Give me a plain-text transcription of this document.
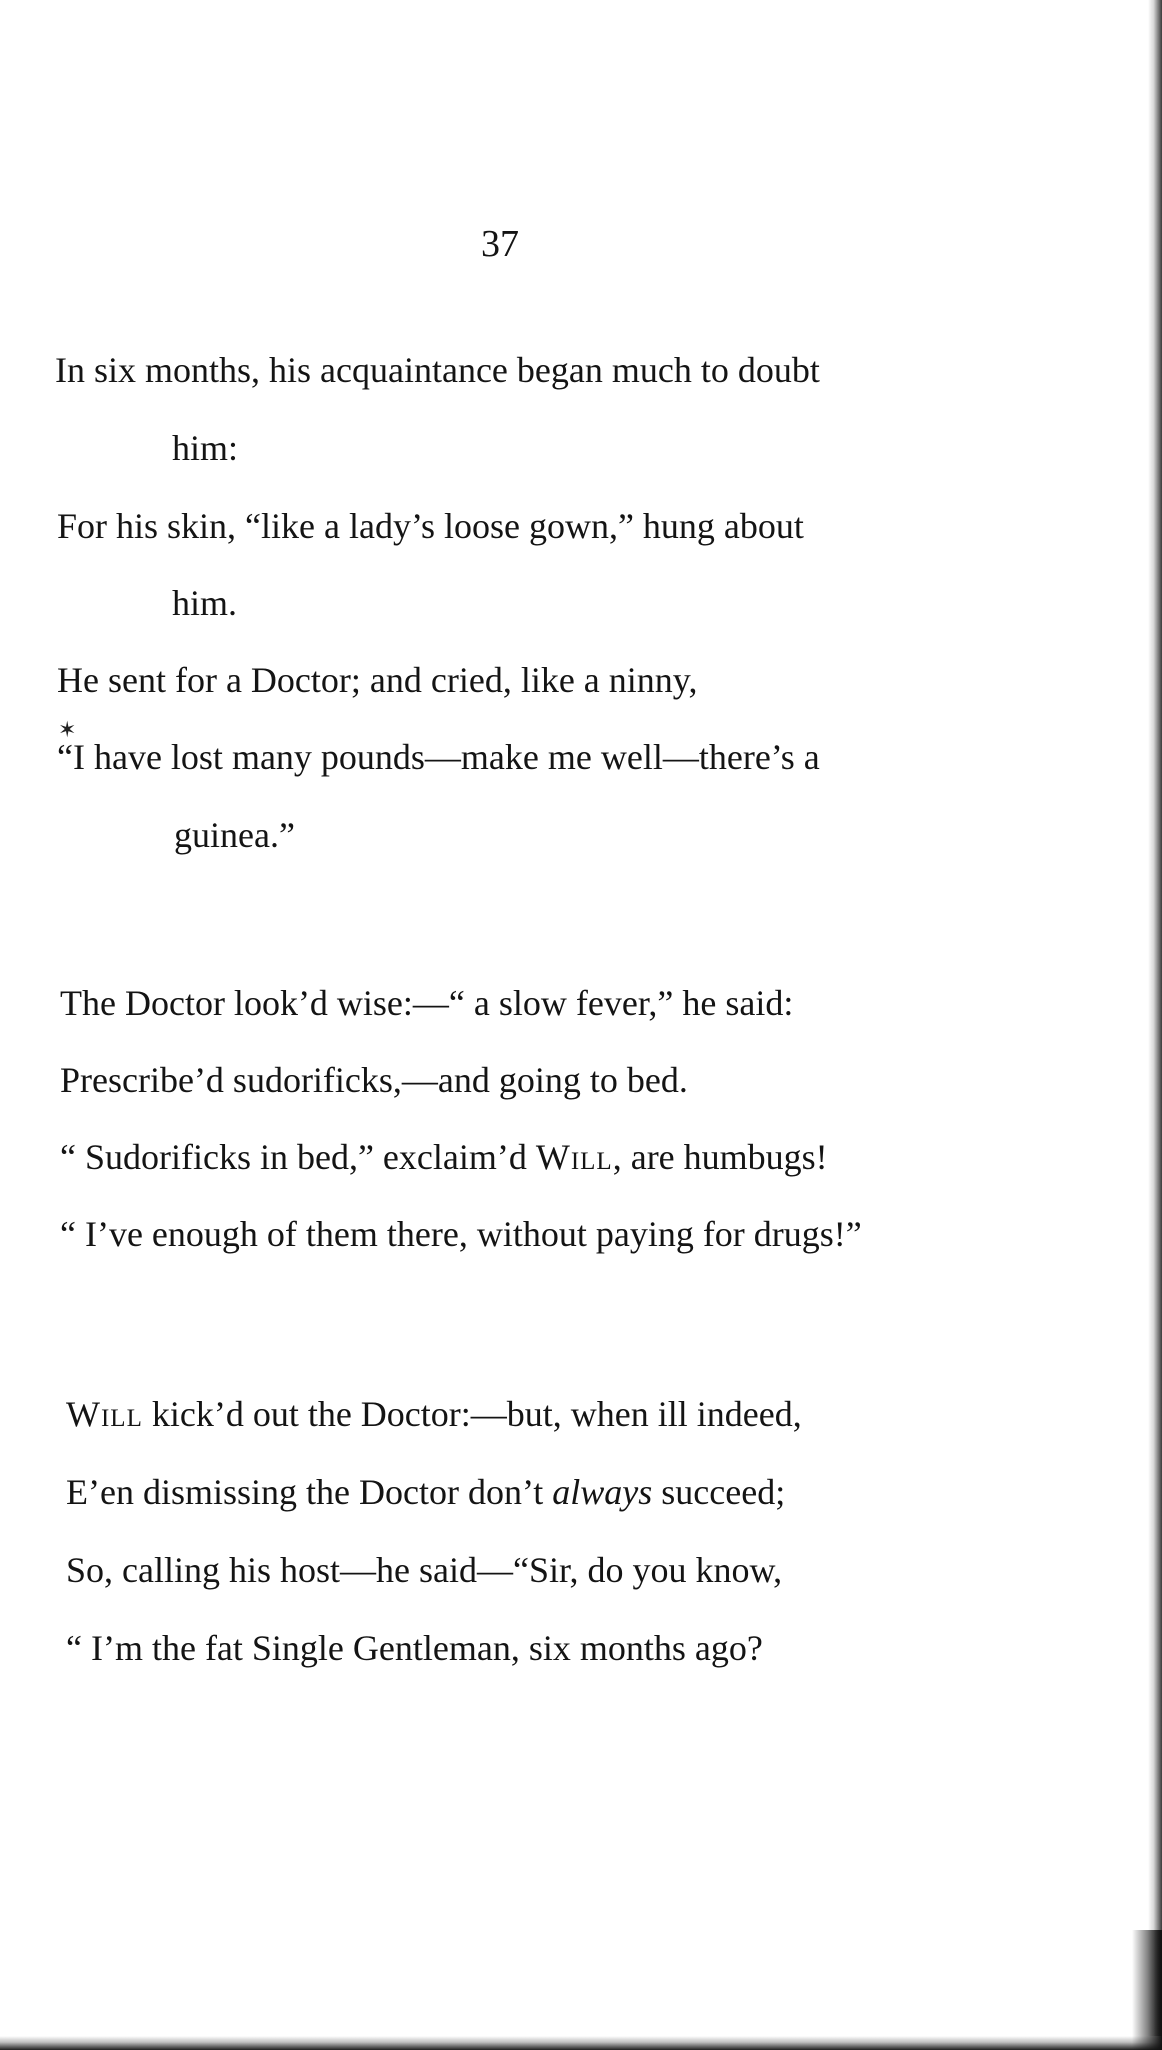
37
In six months, his acquaintance began much to doubt
him:
For his skin, “like a lady’s loose gown,” hung about
him.
He sent for a Doctor; and cried, like a ninny,
✶
“I have lost many pounds—make me well—there’s a
guinea.”
The Doctor look’d wise:—“ a slow fever,” he said:
Prescribe’d sudorificks,—and going to bed.
“ Sudorificks in bed,” exclaim’d Will, are humbugs!
“ I’ve enough of them there, without paying for drugs!”
Will kick’d out the Doctor:—but, when ill indeed,
E’en dismissing the Doctor don’t always succeed;
So, calling his host—he said—“Sir, do you know,
“ I’m the fat Single Gentleman, six months ago?
